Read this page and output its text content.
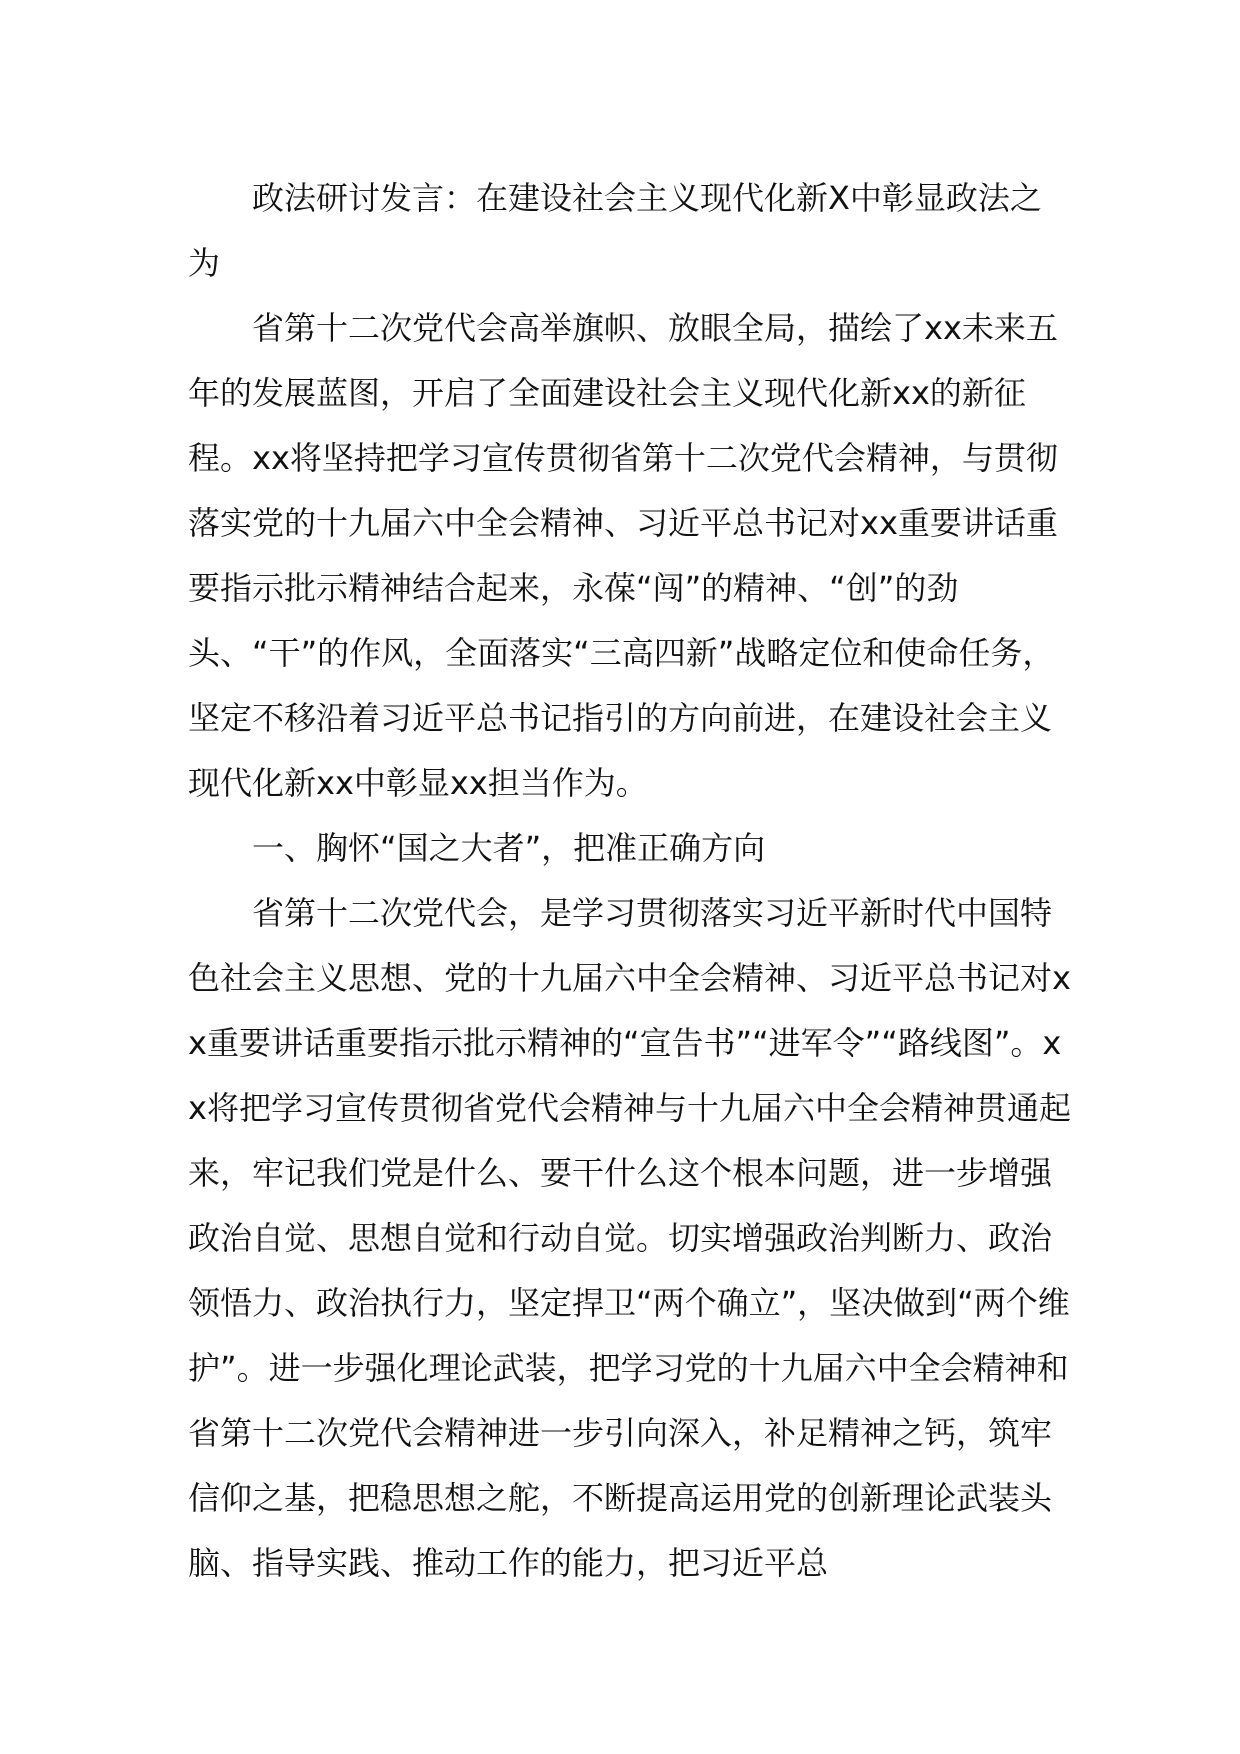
政法研讨发言：在建设社会主义现代化新X中彰显政法之为

省第十二次党代会高举旗帜、放眼全局，描绘了xx未来五年的发展蓝图，开启了全面建设社会主义现代化新xx的新征程。xx将坚持把学习宣传贯彻省第十二次党代会精神，与贯彻落实党的十九届六中全会精神、习近平总书记对xx重要讲话重要指示批示精神结合起来，永葆“闯”的精神、“创”的劲头、“干”的作风，全面落实“三高四新”战略定位和使命任务，坚定不移沿着习近平总书记指引的方向前进，在建设社会主义现代化新xx中彰显xx担当作为。

一、胸怀“国之大者”，把准正确方向

省第十二次党代会，是学习贯彻落实习近平新时代中国特色社会主义思想、党的十九届六中全会精神、习近平总书记对xx重要讲话重要指示批示精神的“宣告书”“进军令”“路线图”。xx将把学习宣传贯彻省党代会精神与十九届六中全会精神贯通起来，牢记我们党是什么、要干什么这个根本问题，进一步增强政治自觉、思想自觉和行动自觉。切实增强政治判断力、政治领悟力、政治执行力，坚定捍卫“两个确立”，坚决做到“两个维护”。进一步强化理论武装，把学习党的十九届六中全会精神和省第十二次党代会精神进一步引向深入，补足精神之钙，筑牢信仰之基，把稳思想之舵，不断提高运用党的创新理论武装头脑、指导实践、推动工作的能力，把习近平总
